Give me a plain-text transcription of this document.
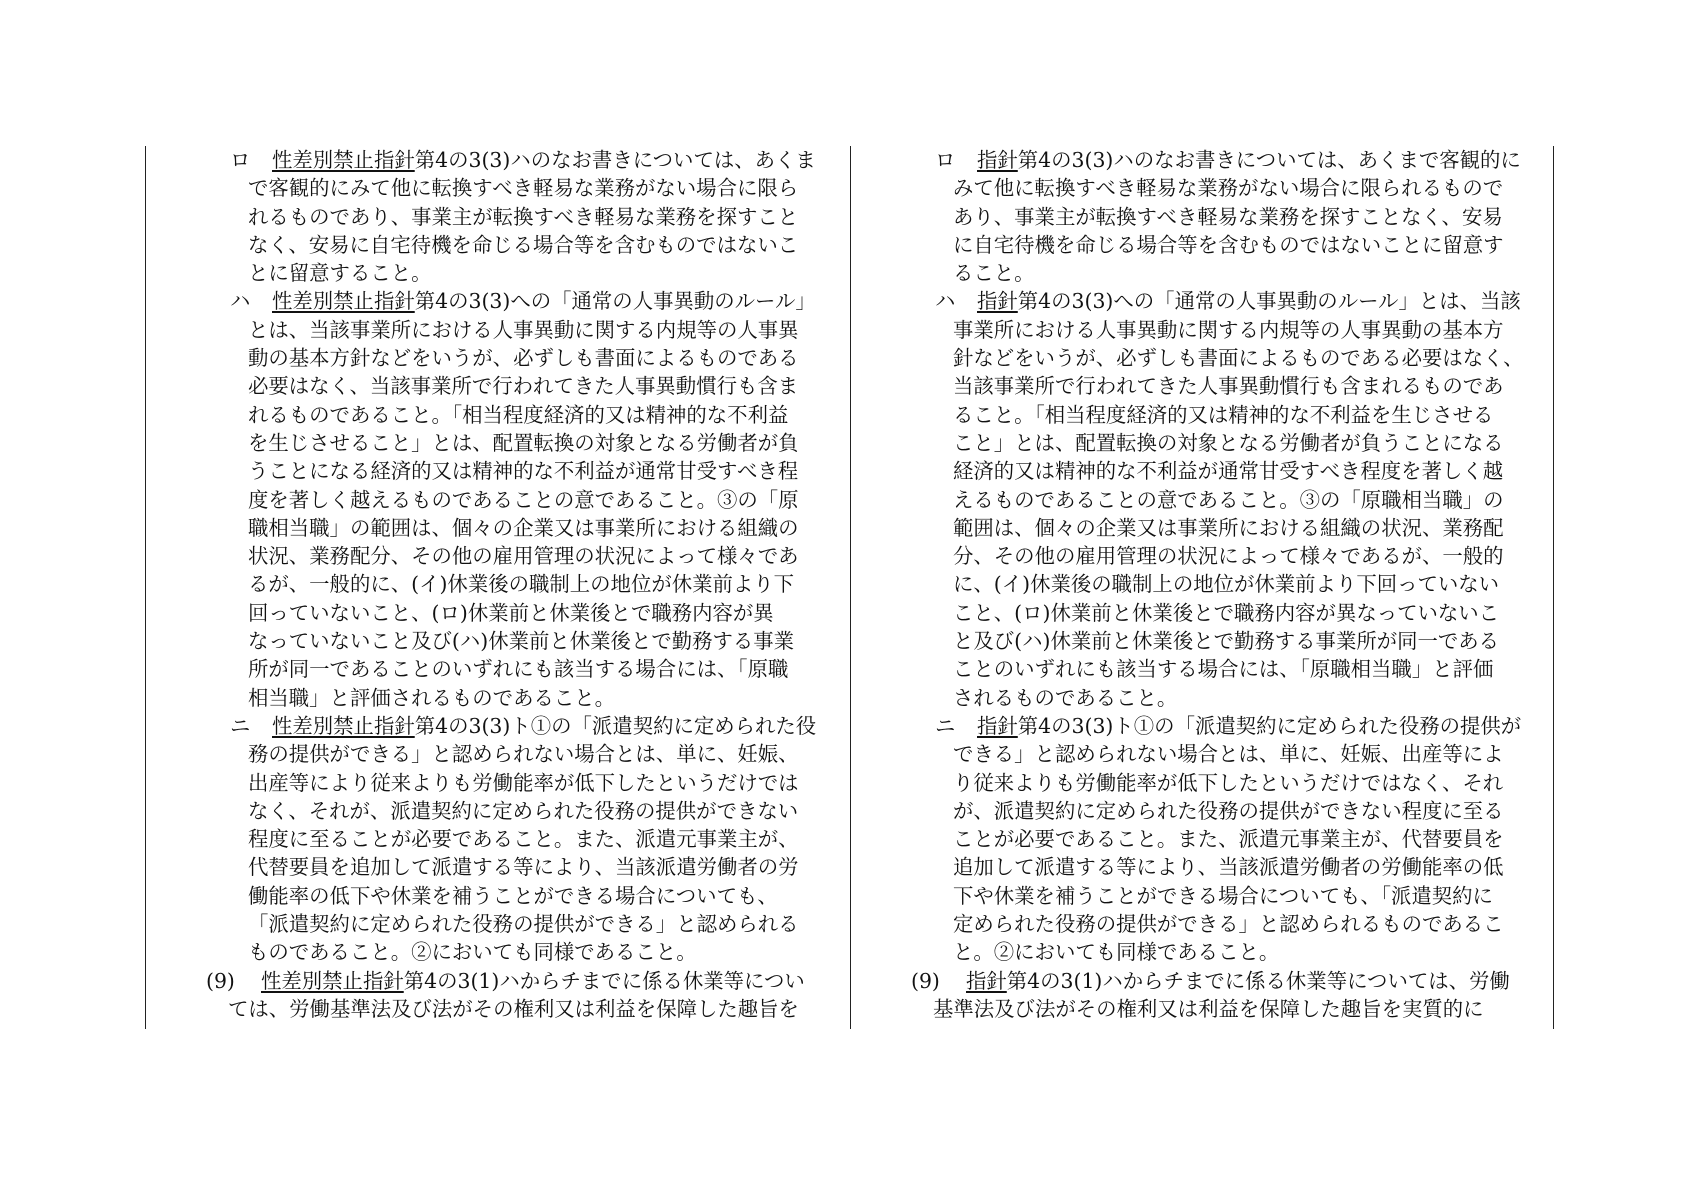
ロ 性差別禁止指針第4の3(3)ハのなお書きについては、あくま
で客観的にみて他に転換すべき軽易な業務がない場合に限ら
れるものであり、事業主が転換すべき軽易な業務を探すこと
なく、安易に自宅待機を命じる場合等を含むものではないこ
とに留意すること。
ハ 性差別禁止指針第4の3(3)への「通常の人事異動のルール」
とは、当該事業所における人事異動に関する内規等の人事異
動の基本方針などをいうが、必ずしも書面によるものである
必要はなく、当該事業所で行われてきた人事異動慣行も含ま
れるものであること。「相当程度経済的又は精神的な不利益
を生じさせること」とは、配置転換の対象となる労働者が負
うことになる経済的又は精神的な不利益が通常甘受すべき程
度を著しく越えるものであることの意であること。③の「原
職相当職」の範囲は、個々の企業又は事業所における組織の
状況、業務配分、その他の雇用管理の状況によって様々であ
るが、一般的に、(イ)休業後の職制上の地位が休業前より下
回っていないこと、(ロ)休業前と休業後とで職務内容が異
なっていないこと及び(ハ)休業前と休業後とで勤務する事業
所が同一であることのいずれにも該当する場合には、「原職
相当職」と評価されるものであること。
ニ 性差別禁止指針第4の3(3)ト①の「派遣契約に定められた役
務の提供ができる」と認められない場合とは、単に、妊娠、
出産等により従来よりも労働能率が低下したというだけでは
なく、それが、派遣契約に定められた役務の提供ができない
程度に至ることが必要であること。また、派遣元事業主が、
代替要員を追加して派遣する等により、当該派遣労働者の労
働能率の低下や休業を補うことができる場合についても、
「派遣契約に定められた役務の提供ができる」と認められる
ものであること。②においても同様であること。
(9) 性差別禁止指針第4の3(1)ハからチまでに係る休業等につい
ては、労働基準法及び法がその権利又は利益を保障した趣旨を
ロ 指針第4の3(3)ハのなお書きについては、あくまで客観的に
みて他に転換すべき軽易な業務がない場合に限られるもので
あり、事業主が転換すべき軽易な業務を探すことなく、安易
に自宅待機を命じる場合等を含むものではないことに留意す
ること。
ハ 指針第4の3(3)への「通常の人事異動のルール」とは、当該
事業所における人事異動に関する内規等の人事異動の基本方
針などをいうが、必ずしも書面によるものである必要はなく、
当該事業所で行われてきた人事異動慣行も含まれるものであ
ること。「相当程度経済的又は精神的な不利益を生じさせる
こと」とは、配置転換の対象となる労働者が負うことになる
経済的又は精神的な不利益が通常甘受すべき程度を著しく越
えるものであることの意であること。③の「原職相当職」の
範囲は、個々の企業又は事業所における組織の状況、業務配
分、その他の雇用管理の状況によって様々であるが、一般的
に、(イ)休業後の職制上の地位が休業前より下回っていない
こと、(ロ)休業前と休業後とで職務内容が異なっていないこ
と及び(ハ)休業前と休業後とで勤務する事業所が同一である
ことのいずれにも該当する場合には、「原職相当職」と評価
されるものであること。
ニ 指針第4の3(3)ト①の「派遣契約に定められた役務の提供が
できる」と認められない場合とは、単に、妊娠、出産等によ
り従来よりも労働能率が低下したというだけではなく、それ
が、派遣契約に定められた役務の提供ができない程度に至る
ことが必要であること。また、派遣元事業主が、代替要員を
追加して派遣する等により、当該派遣労働者の労働能率の低
下や休業を補うことができる場合についても、「派遣契約に
定められた役務の提供ができる」と認められるものであるこ
と。②においても同様であること。
(9) 指針第4の3(1)ハからチまでに係る休業等については、労働
基準法及び法がその権利又は利益を保障した趣旨を実質的に
